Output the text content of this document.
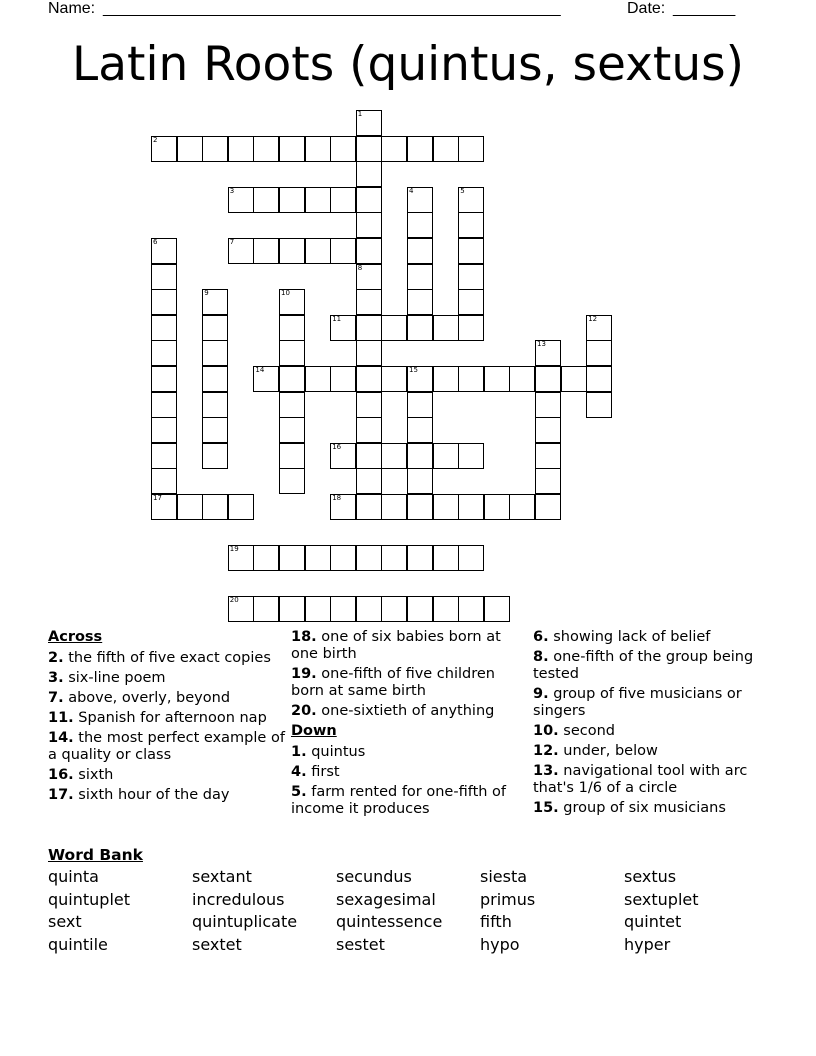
Name: ____________________________________________________	Date: _______
Latin Roots (quintus, sextus)
2
3
7
11
14	15
16
17	18
19
20
1
4	5
6
8
9	10
12
13
Across
2. the fifth of five exact copies
3. six-line poem
7. above, overly, beyond
11. Spanish for afternoon nap
14. the most perfect example of a quality or class
16. sixth
17. sixth hour of the day
18. one of six babies born at one birth
19. one-fifth of five children born at same birth
20. one-sixtieth of anything
Down
1. quintus
4. first
5. farm rented for one-fifth of income it produces
6. showing lack of belief
8. one-fifth of the group being tested
9. group of five musicians or singers
10. second
12. under, below
13. navigational tool with arc that's 1/6 of a circle
15. group of six musicians
Word Bank
quinta	sextant	secundus	siesta	sextus
quintuplet	incredulous	sexagesimal	primus	sextuplet
sext	quintuplicate quintessence fifth	quintet
quintile	sextet	sestet	hypo	hyper
